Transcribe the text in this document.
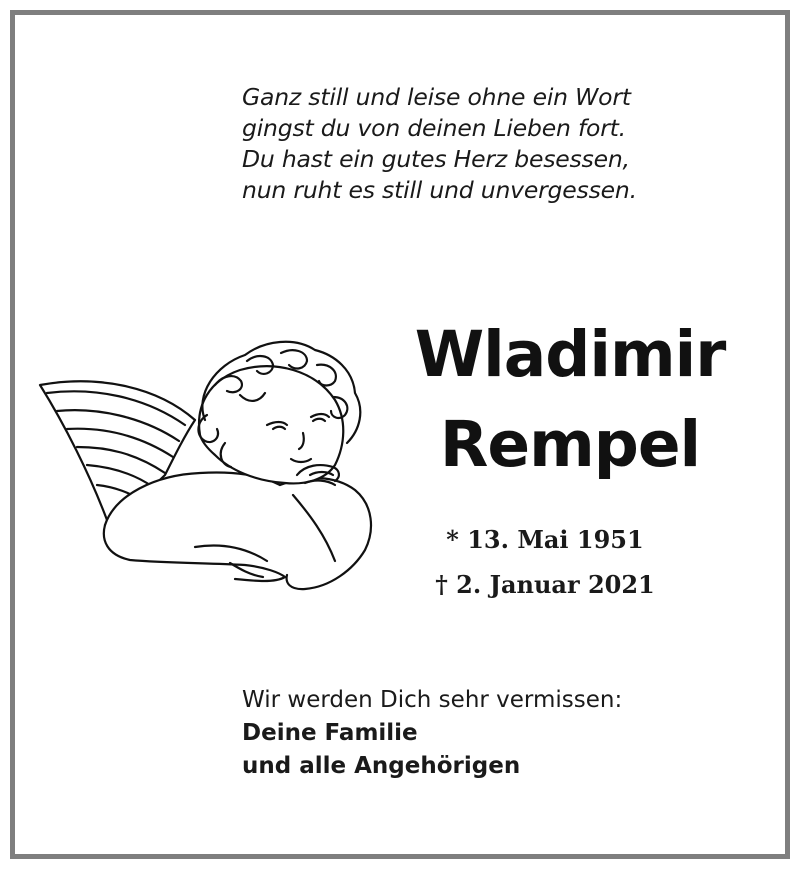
Ganz still und leise ohne ein Wort
gingst du von deinen Lieben fort.
Du hast ein gutes Herz besessen,
nun ruht es still und unvergessen.
Wladimir
Rempel
* 13. Mai 1951
† 2. Januar 2021
Wir werden Dich sehr vermissen:
Deine Familie
und alle Angehörigen
